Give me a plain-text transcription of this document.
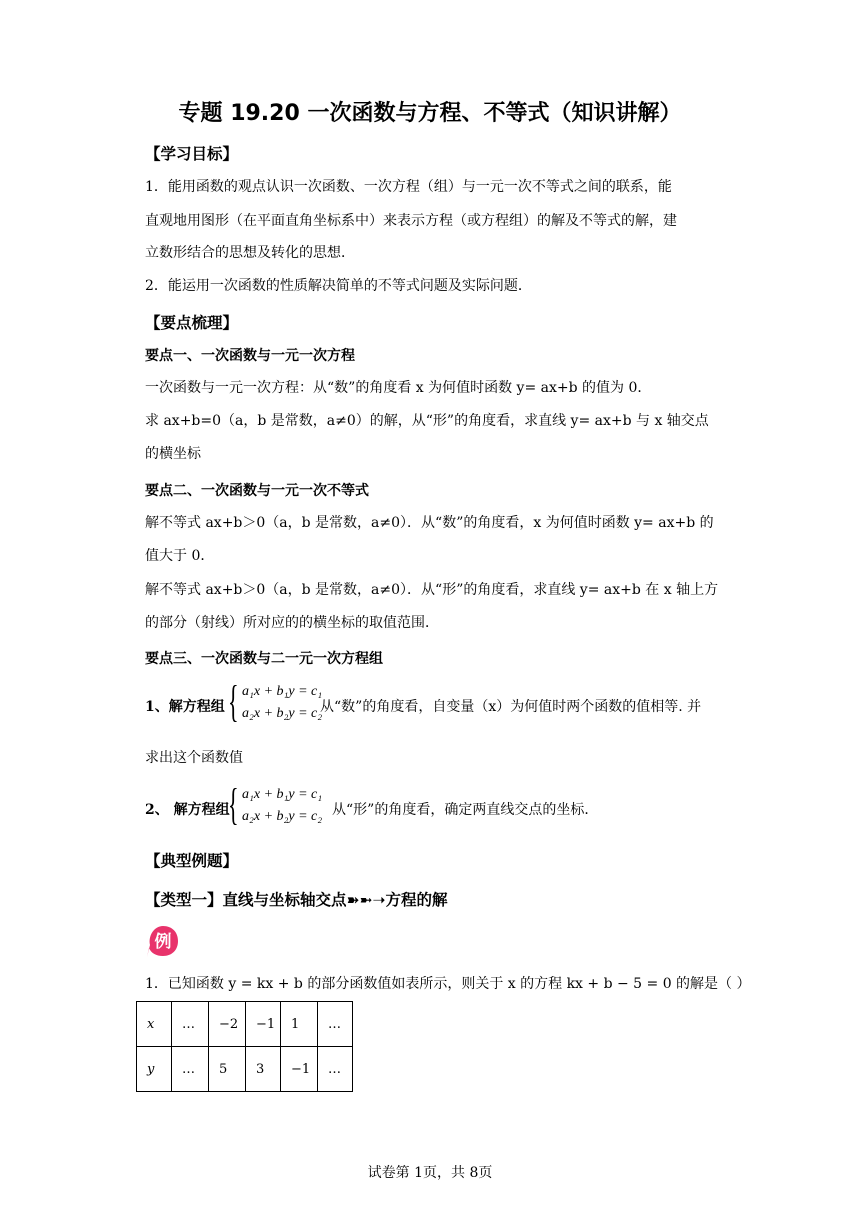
专题 19.20 一次函数与方程、不等式（知识讲解）
【学习目标】
1．能用函数的观点认识一次函数、一次方程（组）与一元一次不等式之间的联系，能
直观地用图形（在平面直角坐标系中）来表示方程（或方程组）的解及不等式的解，建
立数形结合的思想及转化的思想．
2．能运用一次函数的性质解决简单的不等式问题及实际问题．
【要点梳理】
要点一、一次函数与一元一次方程
一次函数与一元一次方程：从“数”的角度看 x 为何值时函数 y= ax+b 的值为 0．
求 ax+b=0（a，b 是常数，a≠0）的解，从“形”的角度看，求直线 y= ax+b 与 x 轴交点
的横坐标
要点二、一次函数与一元一次不等式
解不等式 ax+b＞0（a，b 是常数，a≠0）．从“数”的角度看，x 为何值时函数 y= ax+b 的
值大于 0．
解不等式 ax+b＞0（a，b 是常数，a≠0）．从“形”的角度看，求直线 y= ax+b 在 x 轴上方
的部分（射线）所对应的的横坐标的取值范围．
要点三、一次函数与二一元一次方程组
1、解方程组 { a₁x + b₁y = c₁
a₂x + b₂y = c₂
从“数”的角度看，自变量（x）为何值时两个函数的值相等. 并
求出这个函数值
2、 解方程组
{ a₁x + b₁y = c₁
a₂x + b₂y = c₂ 从“形”的角度看，确定两直线交点的坐标．
【典型例题】
【类型一】直线与坐标轴交点➽➼➝方程的解
例
1．已知函数 y = kx + b 的部分函数值如表所示，则关于 x 的方程 kx + b − 5 = 0 的解是（ ）
x	…	−2	−1	1	…
y	…	5	3	−1	…
试卷第 1页，共 8页
